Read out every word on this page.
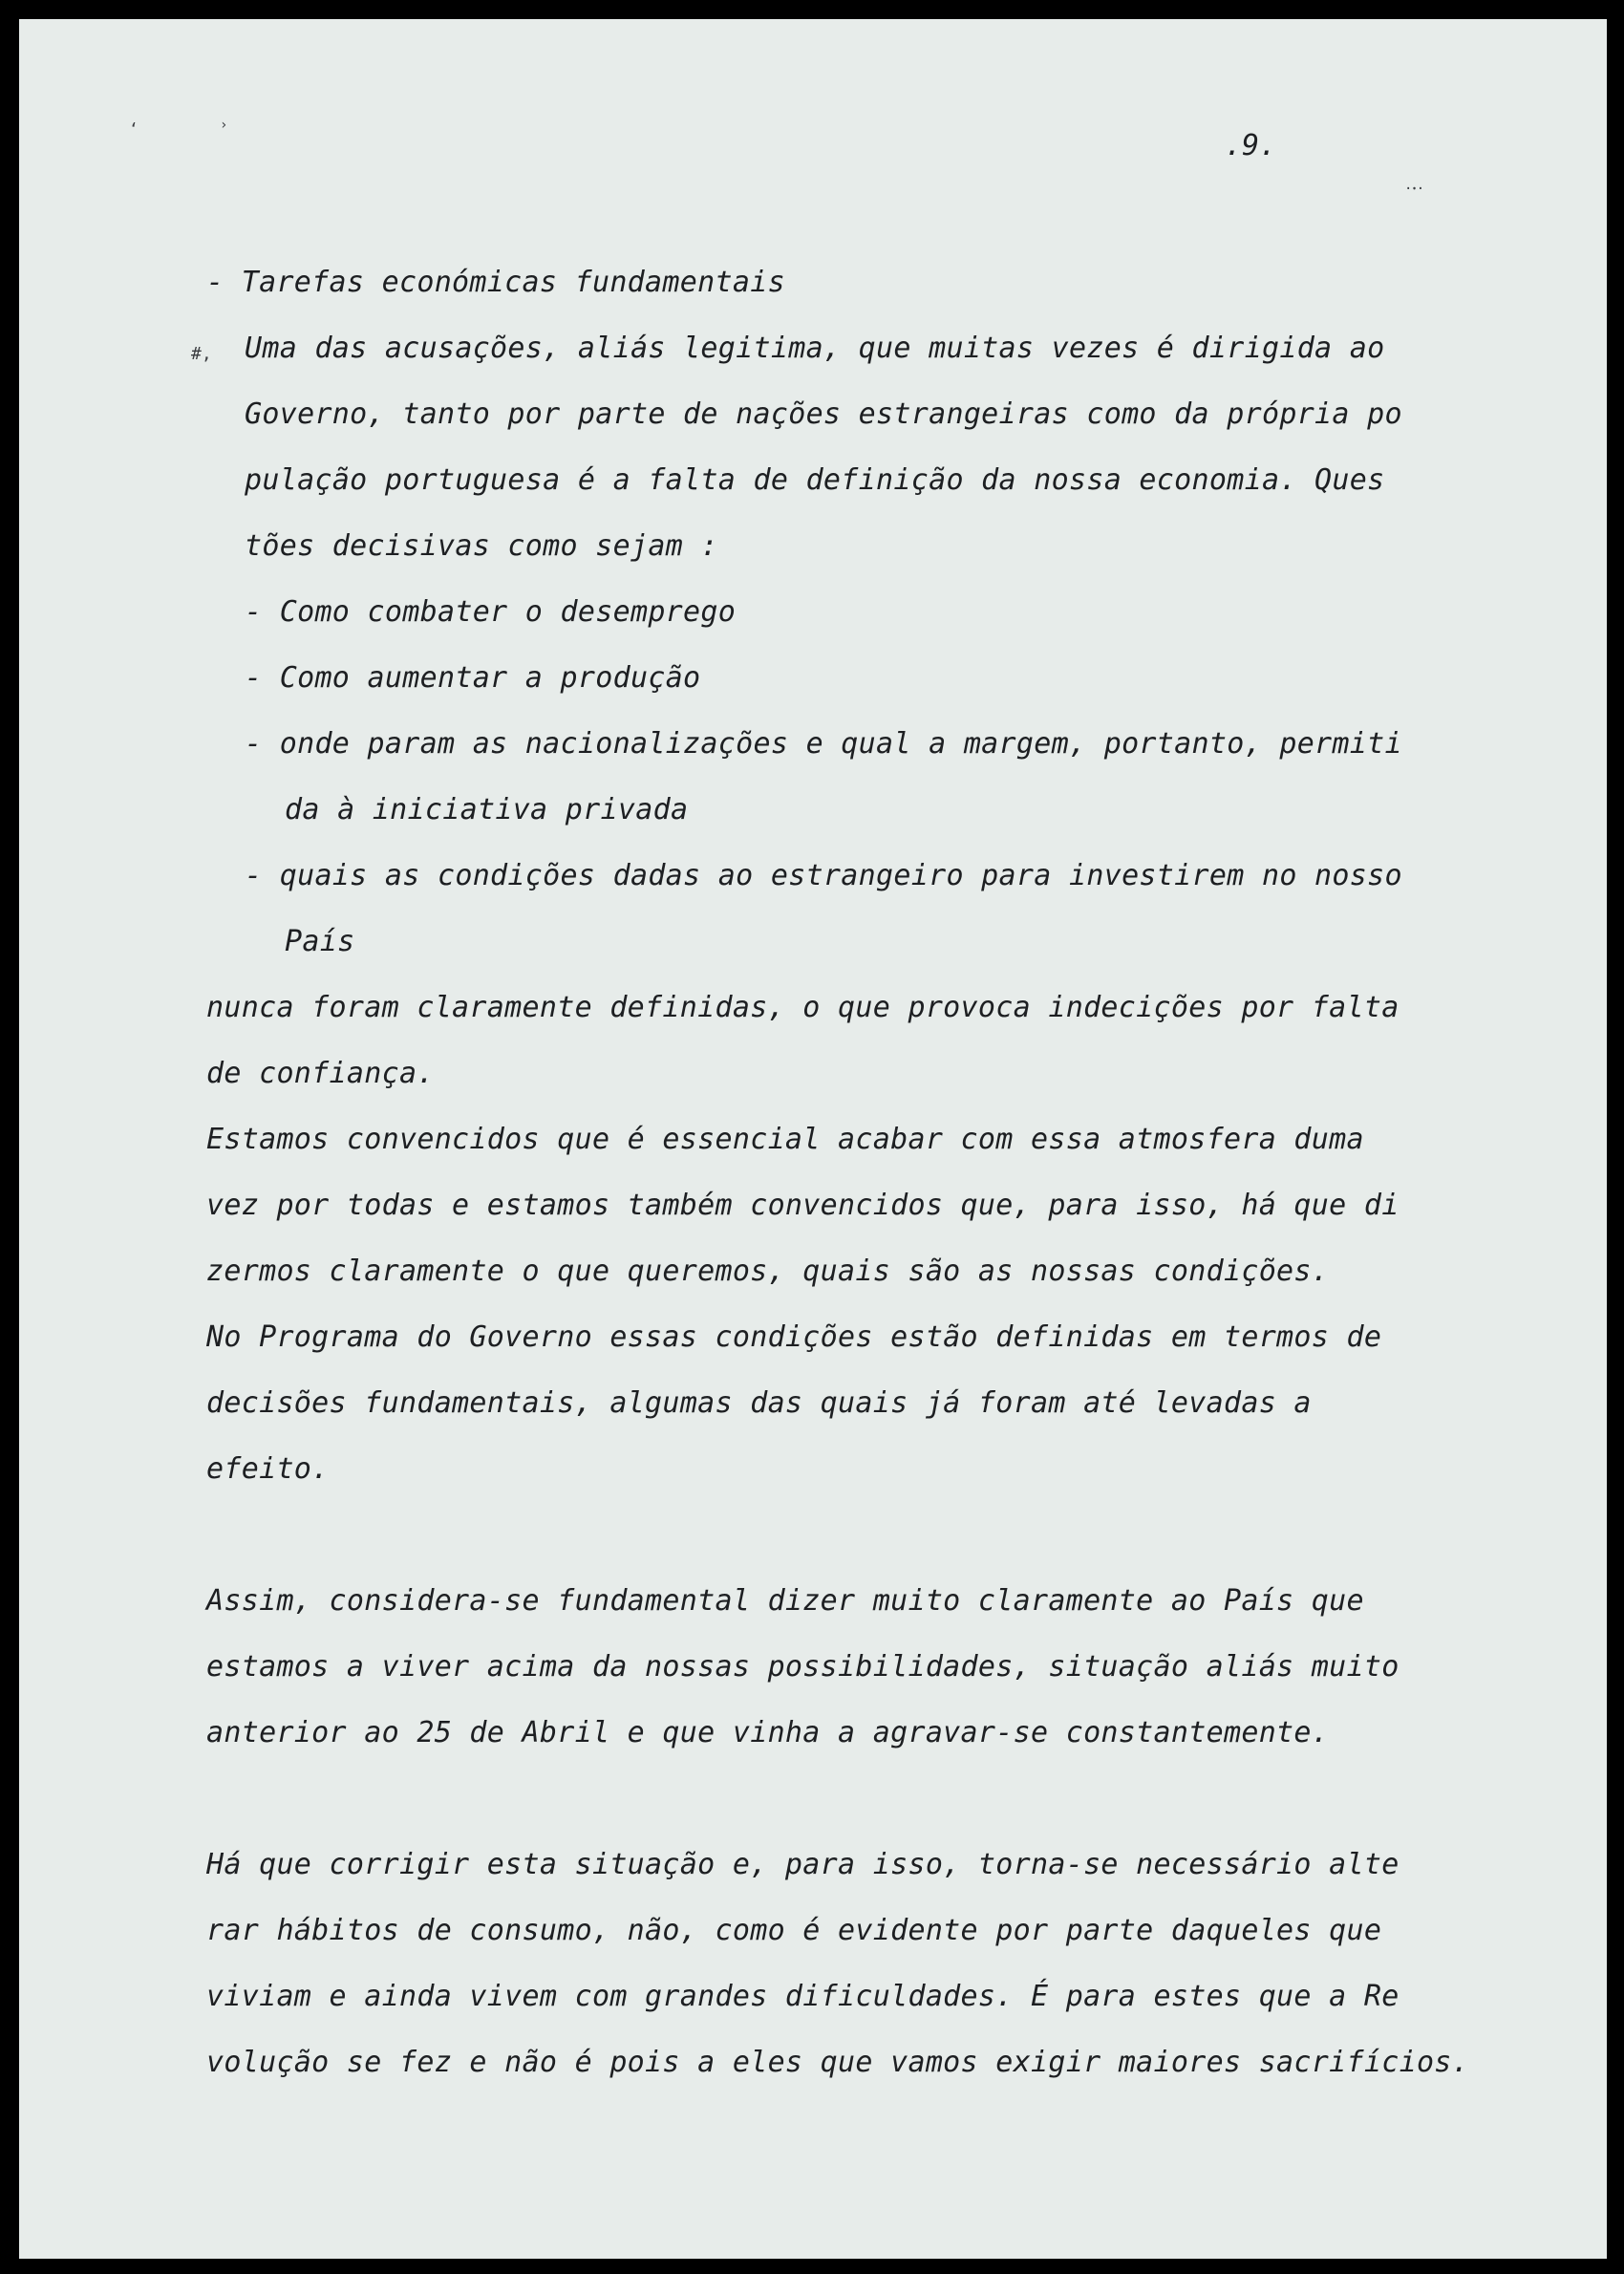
‘	›
·ꞏ·
#,
.9.
- Tarefas económicas fundamentais
Uma das acusações, aliás legitima, que muitas vezes é dirigida ao
Governo, tanto por parte de nações estrangeiras como da própria po
pulação portuguesa é a falta de definição da nossa economia. Ques
tões decisivas como sejam :
- Como combater o desemprego
- Como aumentar a produção
- onde param as nacionalizações e qual a margem, portanto, permiti
da à iniciativa privada
- quais as condições dadas ao estrangeiro para investirem no nosso
País
nunca foram claramente definidas, o que provoca indecições por falta
de confiança.
Estamos convencidos que é essencial acabar com essa atmosfera duma
vez por todas e estamos também convencidos que, para isso, há que di
zermos claramente o que queremos, quais são as nossas condições.
No Programa do Governo essas condições estão definidas em termos de
decisões fundamentais, algumas das quais já foram até levadas a
efeito.
Assim, considera-se fundamental dizer muito claramente ao País que
estamos a viver acima da nossas possibilidades, situação aliás muito
anterior ao 25 de Abril e que vinha a agravar-se constantemente.
Há que corrigir esta situação e, para isso, torna-se necessário alte
rar hábitos de consumo, não, como é evidente por parte daqueles que
viviam e ainda vivem com grandes dificuldades. É para estes que a Re
volução se fez e não é pois a eles que vamos exigir maiores sacrifícios.
